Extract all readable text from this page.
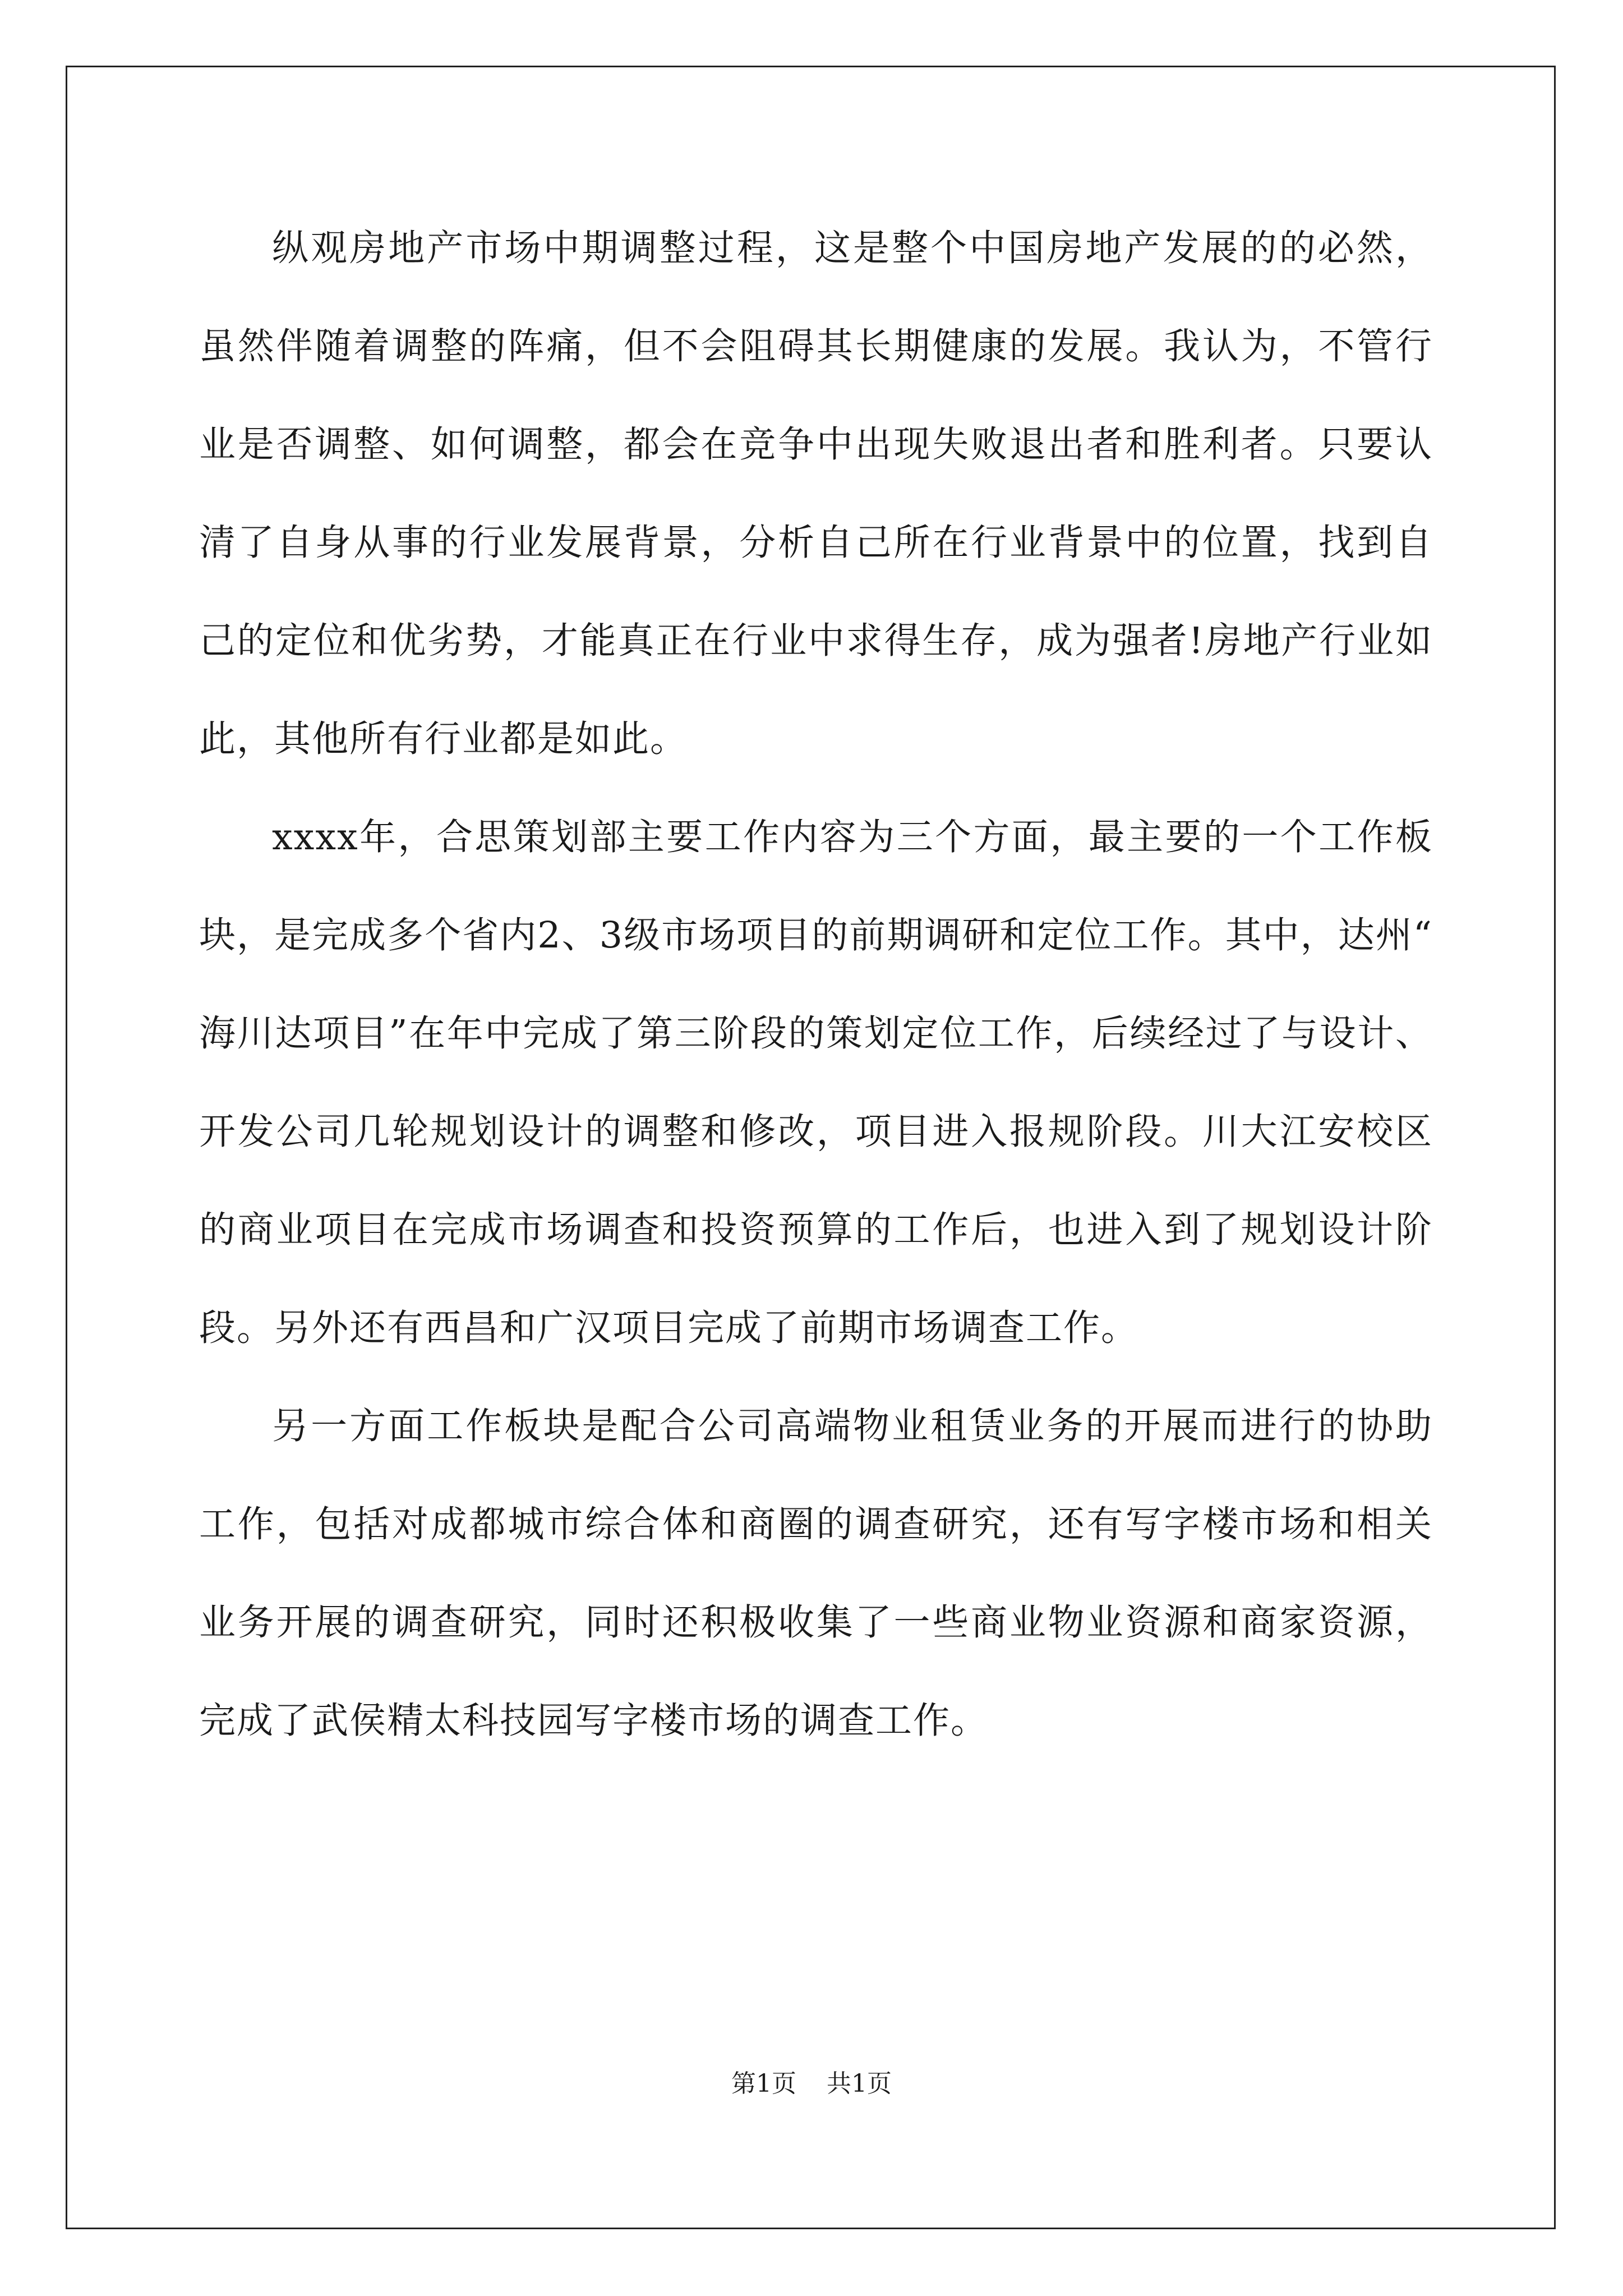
纵观房地产市场中期调整过程，这是整个中国房地产发展的的必然，虽然伴随着调整的阵痛，但不会阻碍其长期健康的发展。我认为，不管行业是否调整、如何调整，都会在竞争中出现失败退出者和胜利者。只要认清了自身从事的行业发展背景，分析自己所在行业背景中的位置，找到自己的定位和优劣势，才能真正在行业中求得生存，成为强者!房地产行业如此，其他所有行业都是如此。

xxxx年，合思策划部主要工作内容为三个方面，最主要的一个工作板块，是完成多个省内2、3级市场项目的前期调研和定位工作。其中，达州“海川达项目”在年中完成了第三阶段的策划定位工作，后续经过了与设计、开发公司几轮规划设计的调整和修改，项目进入报规阶段。川大江安校区的商业项目在完成市场调查和投资预算的工作后，也进入到了规划设计阶段。另外还有西昌和广汉项目完成了前期市场调查工作。

另一方面工作板块是配合公司高端物业租赁业务的开展而进行的协助工作，包括对成都城市综合体和商圈的调查研究，还有写字楼市场和相关业务开展的调查研究，同时还积极收集了一些商业物业资源和商家资源，完成了武侯精太科技园写字楼市场的调查工作。

第1页 共1页
